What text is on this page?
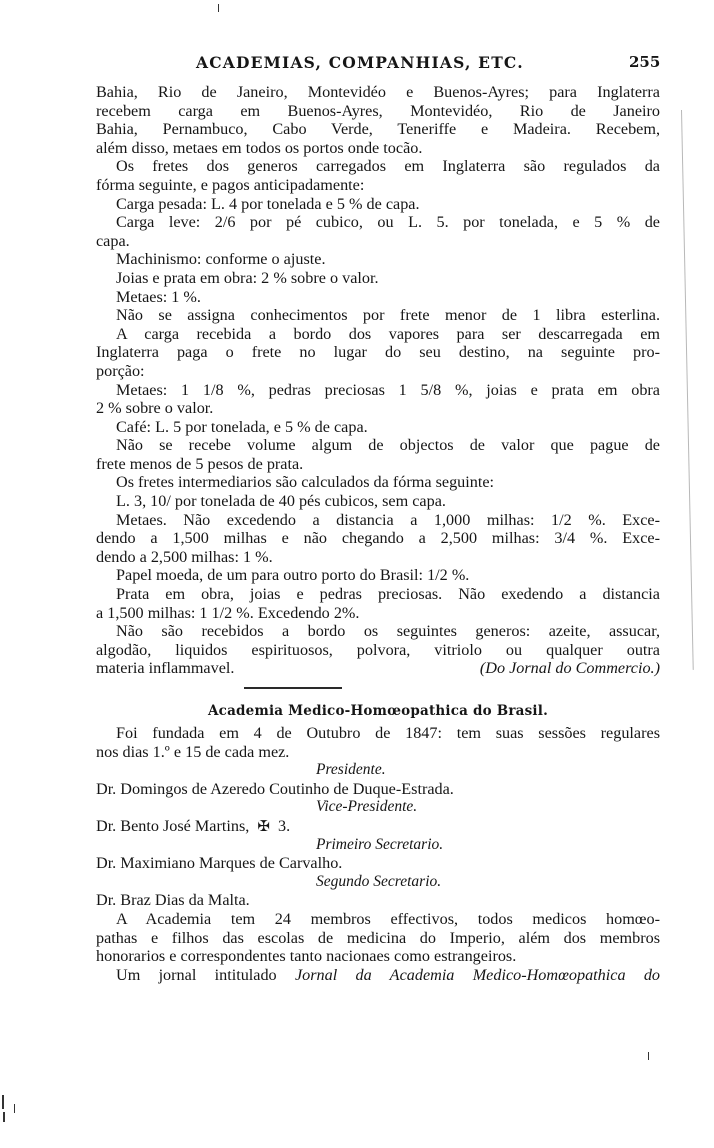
ACADEMIAS, COMPANHIAS, ETC.	255
Bahia, Rio de Janeiro, Montevidéo e Buenos-Ayres; para Inglaterra
recebem carga em Buenos-Ayres, Montevidéo, Rio de Janeiro
Bahia, Pernambuco, Cabo Verde, Teneriffe e Madeira. Recebem,
além disso, metaes em todos os portos onde tocão.
Os fretes dos generos carregados em Inglaterra são regulados da
fórma seguinte, e pagos anticipadamente:
Carga pesada: L. 4 por tonelada e 5 % de capa.
Carga leve: 2/6 por pé cubico, ou L. 5. por tonelada, e 5 % de
capa.
Machinismo: conforme o ajuste.
Joias e prata em obra: 2 % sobre o valor.
Metaes: 1 %.
Não se assigna conhecimentos por frete menor de 1 libra esterlina.
A carga recebida a bordo dos vapores para ser descarregada em
Inglaterra paga o frete no lugar do seu destino, na seguinte pro-
porção:
Metaes: 1 1/8 %, pedras preciosas 1 5/8 %, joias e prata em obra
2 % sobre o valor.
Café: L. 5 por tonelada, e 5 % de capa.
Não se recebe volume algum de objectos de valor que pague de
frete menos de 5 pesos de prata.
Os fretes intermediarios são calculados da fórma seguinte:
L. 3, 10/ por tonelada de 40 pés cubicos, sem capa.
Metaes. Não excedendo a distancia a 1,000 milhas: 1/2 %. Exce-
dendo a 1,500 milhas e não chegando a 2,500 milhas: 3/4 %. Exce-
dendo a 2,500 milhas: 1 %.
Papel moeda, de um para outro porto do Brasil: 1/2 %.
Prata em obra, joias e pedras preciosas. Não exedendo a distancia
a 1,500 milhas: 1 1/2 %. Excedendo 2%.
Não são recebidos a bordo os seguintes generos: azeite, assucar,
algodão, liquidos espirituosos, polvora, vitriolo ou qualquer outra
materia inflammavel.	(Do Jornal do Commercio.)
Academia Medico-Homœopathica do Brasil.
Foi fundada em 4 de Outubro de 1847: tem suas sessões regulares
nos dias 1.º e 15 de cada mez.
Presidente.
Dr. Domingos de Azeredo Coutinho de Duque-Estrada.
Vice-Presidente.
Dr. Bento José Martins, ✠ 3.
Primeiro Secretario.
Dr. Maximiano Marques de Carvalho.
Segundo Secretario.
Dr. Braz Dias da Malta.
A Academia tem 24 membros effectivos, todos medicos homœo-
pathas e filhos das escolas de medicina do Imperio, além dos membros
honorarios e correspondentes tanto nacionaes como estrangeiros.
Um jornal intitulado Jornal da Academia Medico-Homœopathica do
